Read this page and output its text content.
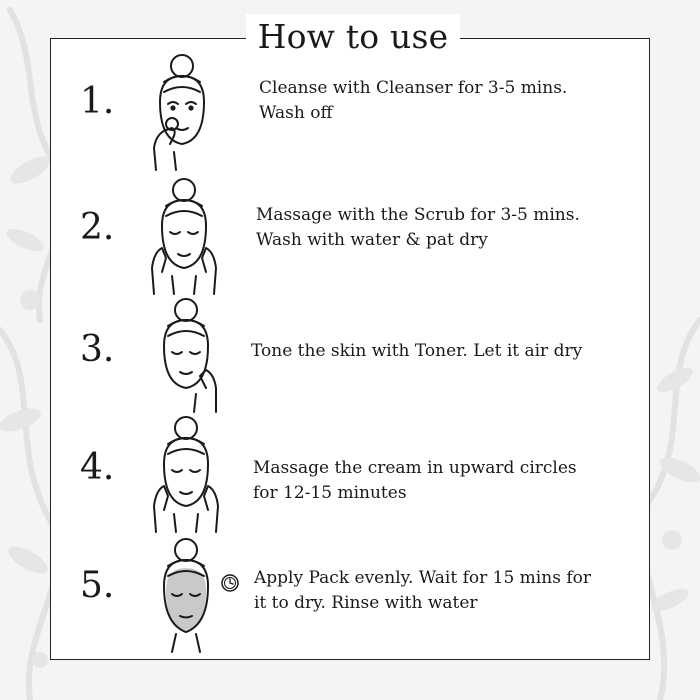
How to use
1.	Cleanse with Cleanser for 3-5 mins.
Wash off
2.	Massage with the Scrub for 3-5 mins.
Wash with water & pat dry
3.	Tone the skin with Toner. Let it air dry
4.	Massage the cream in upward circles
for 12-15 minutes
5.	Apply Pack evenly. Wait for 15 mins for
it to dry. Rinse with water
